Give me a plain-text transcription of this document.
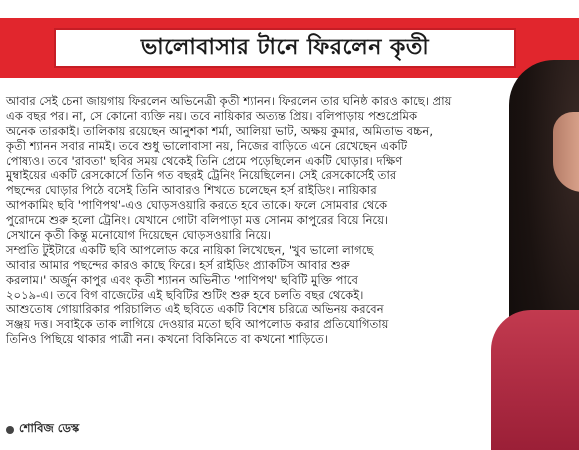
ভালোবাসার টানে ফিরলেন কৃতী
আবার সেই চেনা জায়গায় ফিরলেন অভিনেত্রী কৃতী শ্যানন। ফিরলেন তার ঘনিষ্ঠ কারও কাছে। প্রায়
এক বছর পর। না, সে কোনো ব্যক্তি নয়। তবে নায়িকার অত্যন্ত প্রিয়। বলিপাড়ায় পশুপ্রেমিক
অনেক তারকাই। তালিকায় রয়েছেন আনুশকা শর্মা, আলিয়া ভাট, অক্ষয় কুমার, অমিতাভ বচ্চন,
কৃতী শ্যানন সবার নামই। তবে শুধু ভালোবাসা নয়, নিজের বাড়িতে এনে রেখেছেন একটি
পোষ্যও। তবে 'রাবতা' ছবির সময় থেকেই তিনি প্রেমে পড়েছিলেন একটি ঘোড়ার। দক্ষিণ
মুম্বাইয়ের একটি রেসকোর্সে তিনি গত বছরই ট্রেনিং নিয়েছিলেন। সেই রেসকোর্সেই তার
পছন্দের ঘোড়ার পিঠে বসেই তিনি আবারও শিখতে চলেছেন হর্স রাইডিং। নায়িকার
আপকামিং ছবি 'পাণিপথ'-এও ঘোড়সওয়ারি করতে হবে তাকে। ফলে সোমবার থেকে
পুরোদমে শুরু হলো ট্রেনিং। যেখানে গোটা বলিপাড়া মত্ত সোনম কাপুরের বিয়ে নিয়ে।
সেখানে কৃতী কিন্তু মনোযোগ দিয়েছেন ঘোড়সওয়ারি নিয়ে।
সম্প্রতি টুইটারে একটি ছবি আপলোড করে নায়িকা লিখেছেন, 'খুব ভালো লাগছে
আবার আমার পছন্দের কারও কাছে ফিরে। হর্স রাইডিং প্র্যাকটিস আবার শুরু
করলাম।' অর্জুন কাপুর এবং কৃতী শ্যানন অভিনীত 'পাণিপথ' ছবিটি মুক্তি পাবে
২০১৯-এ। তবে বিগ বাজেটের এই ছবিটির শুটিং শুরু হবে চলতি বছর থেকেই।
আশুতোষ গোয়ারিকার পরিচালিত এই ছবিতে একটি বিশেষ চরিত্রে অভিনয় করবেন
সঞ্জয় দত্ত। সবাইকে তাক লাগিয়ে দেওয়ার মতো ছবি আপলোড করার প্রতিযোগিতায়
তিনিও পিছিয়ে থাকার পাত্রী নন। কখনো বিকিনিতে বা কখনো শাড়িতে।
শোবিজ ডেস্ক
